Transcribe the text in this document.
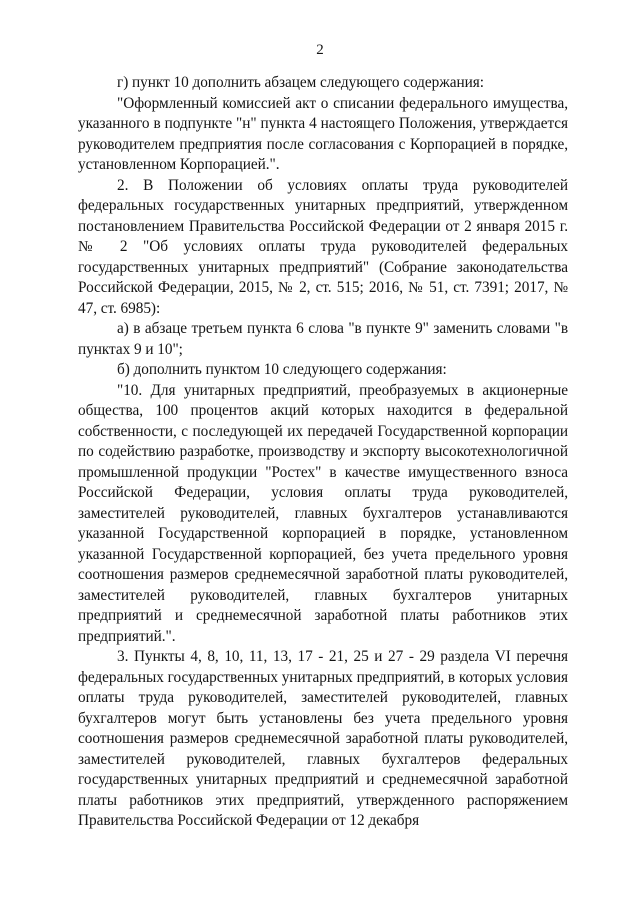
2

г) пункт 10 дополнить абзацем следующего содержания:

"Оформленный комиссией акт о списании федерального имущества, указанного в подпункте "н" пункта 4 настоящего Положения, утверждается руководителем предприятия после согласования с Корпорацией в порядке, установленном Корпорацией.".

2. В Положении об условиях оплаты труда руководителей федеральных государственных унитарных предприятий, утвержденном постановлением Правительства Российской Федерации от 2 января 2015 г. № 2 "Об условиях оплаты труда руководителей федеральных государственных унитарных предприятий" (Собрание законодательства Российской Федерации, 2015, № 2, ст. 515; 2016, № 51, ст. 7391; 2017, № 47, ст. 6985):

а) в абзаце третьем пункта 6 слова "в пункте 9" заменить словами "в пунктах 9 и 10";

б) дополнить пунктом 10 следующего содержания:

"10. Для унитарных предприятий, преобразуемых в акционерные общества, 100 процентов акций которых находится в федеральной собственности, с последующей их передачей Государственной корпорации по содействию разработке, производству и экспорту высокотехнологичной промышленной продукции "Ростех" в качестве имущественного взноса Российской Федерации, условия оплаты труда руководителей, заместителей руководителей, главных бухгалтеров устанавливаются указанной Государственной корпорацией в порядке, установленном указанной Государственной корпорацией, без учета предельного уровня соотношения размеров среднемесячной заработной платы руководителей, заместителей руководителей, главных бухгалтеров унитарных предприятий и среднемесячной заработной платы работников этих предприятий.".

3. Пункты 4, 8, 10, 11, 13, 17 - 21, 25 и 27 - 29 раздела VI перечня федеральных государственных унитарных предприятий, в которых условия оплаты труда руководителей, заместителей руководителей, главных бухгалтеров могут быть установлены без учета предельного уровня соотношения размеров среднемесячной заработной платы руководителей, заместителей руководителей, главных бухгалтеров федеральных государственных унитарных предприятий и среднемесячной заработной платы работников этих предприятий, утвержденного распоряжением Правительства Российской Федерации от 12 декабря
